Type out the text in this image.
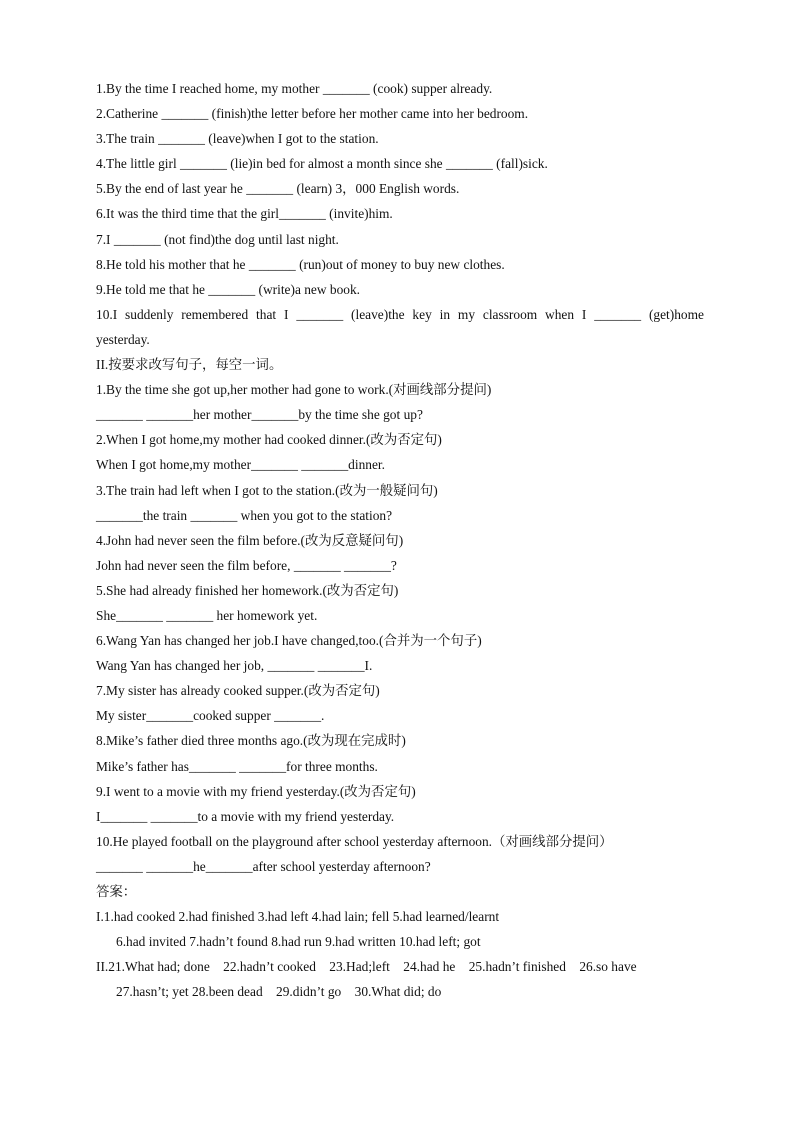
1.By the time I reached home, my mother _______ (cook) supper already.
2.Catherine _______ (finish)the letter before her mother came into her bedroom.
3.The train _______ (leave)when I got to the station.
4.The little girl _______ (lie)in bed for almost a month since she _______ (fall)sick.
5.By the end of last year he _______ (learn) 3，000 English words.
6.It was the third time that the girl_______ (invite)him.
7.I _______ (not find)the dog until last night.
8.He told his mother that he _______ (run)out of money to buy new clothes.
9.He told me that he _______ (write)a new book.
10.I suddenly remembered that I _______ (leave)the key in my classroom when I _______ (get)home
yesterday.
II.按要求改写句子，每空一词。
1.By the time she got up,her mother had gone to work.(对画线部分提问)
_______ _______her mother_______by the time she got up?
2.When I got home,my mother had cooked dinner.(改为否定句)
When I got home,my mother_______ _______dinner.
3.The train had left when I got to the station.(改为一般疑问句)
_______the train _______ when you got to the station?
4.John had never seen the film before.(改为反意疑问句)
John had never seen the film before, _______ _______?
5.She had already finished her homework.(改为否定句)
She_______ _______ her homework yet.
6.Wang Yan has changed her job.I have changed,too.(合并为一个句子)
Wang Yan has changed her job, _______ _______I.
7.My sister has already cooked supper.(改为否定句)
My sister_______cooked supper _______.
8.Mike’s father died three months ago.(改为现在完成时)
Mike’s father has_______ _______for three months.
9.I went to a movie with my friend yesterday.(改为否定句)
I_______ _______to a movie with my friend yesterday.
10.He played football on the playground after school yesterday afternoon.（对画线部分提问）
_______ _______he_______after school yesterday afternoon?
答案：
I.1.had cooked 2.had finished 3.had left 4.had lain; fell 5.had learned/learnt
6.had invited 7.hadn’t found 8.had run 9.had written 10.had left; got
II.21.What had; done    22.hadn’t cooked    23.Had;left    24.had he    25.hadn’t finished    26.so have
27.hasn’t; yet 28.been dead    29.didn’t go    30.What did; do
